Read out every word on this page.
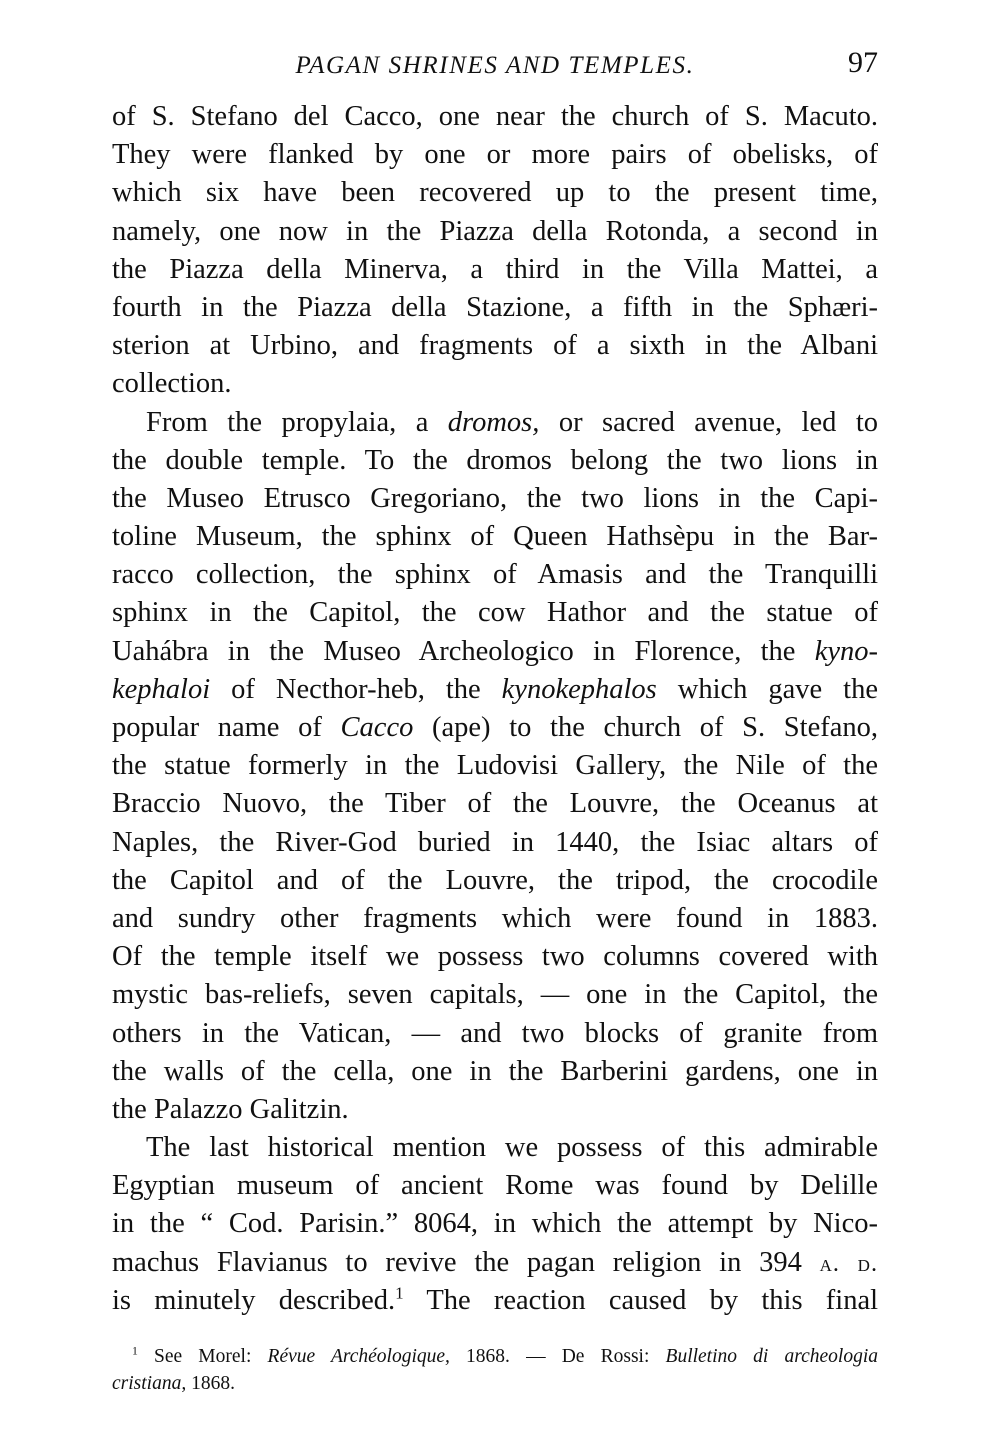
PAGAN SHRINES AND TEMPLES.	97
of S. Stefano del Cacco, one near the church of S. Macuto.
They were flanked by one or more pairs of obelisks, of
which six have been recovered up to the present time,
namely, one now in the Piazza della Rotonda, a second in
the Piazza della Minerva, a third in the Villa Mattei, a
fourth in the Piazza della Stazione, a fifth in the Sphæri-
sterion at Urbino, and fragments of a sixth in the Albani
collection.
From the propylaia, a dromos, or sacred avenue, led to
the double temple. To the dromos belong the two lions in
the Museo Etrusco Gregoriano, the two lions in the Capi-
toline Museum, the sphinx of Queen Hathsèpu in the Bar-
racco collection, the sphinx of Amasis and the Tranquilli
sphinx in the Capitol, the cow Hathor and the statue of
Uahábra in the Museo Archeologico in Florence, the kyno-
kephaloi of Necthor-heb, the kynokephalos which gave the
popular name of Cacco (ape) to the church of S. Stefano,
the statue formerly in the Ludovisi Gallery, the Nile of the
Braccio Nuovo, the Tiber of the Louvre, the Oceanus at
Naples, the River-God buried in 1440, the Isiac altars of
the Capitol and of the Louvre, the tripod, the crocodile
and sundry other fragments which were found in 1883.
Of the temple itself we possess two columns covered with
mystic bas-reliefs, seven capitals, — one in the Capitol, the
others in the Vatican, — and two blocks of granite from
the walls of the cella, one in the Barberini gardens, one in
the Palazzo Galitzin.
The last historical mention we possess of this admirable
Egyptian museum of ancient Rome was found by Delille
in the “ Cod. Parisin.” 8064, in which the attempt by Nico-
machus Flavianus to revive the pagan religion in 394 a. d.
is minutely described.$^1$ The reaction caused by this final
$^1$ See Morel: Révue Archéologique, 1868. — De Rossi: Bulletino di archeologia
cristiana, 1868.
